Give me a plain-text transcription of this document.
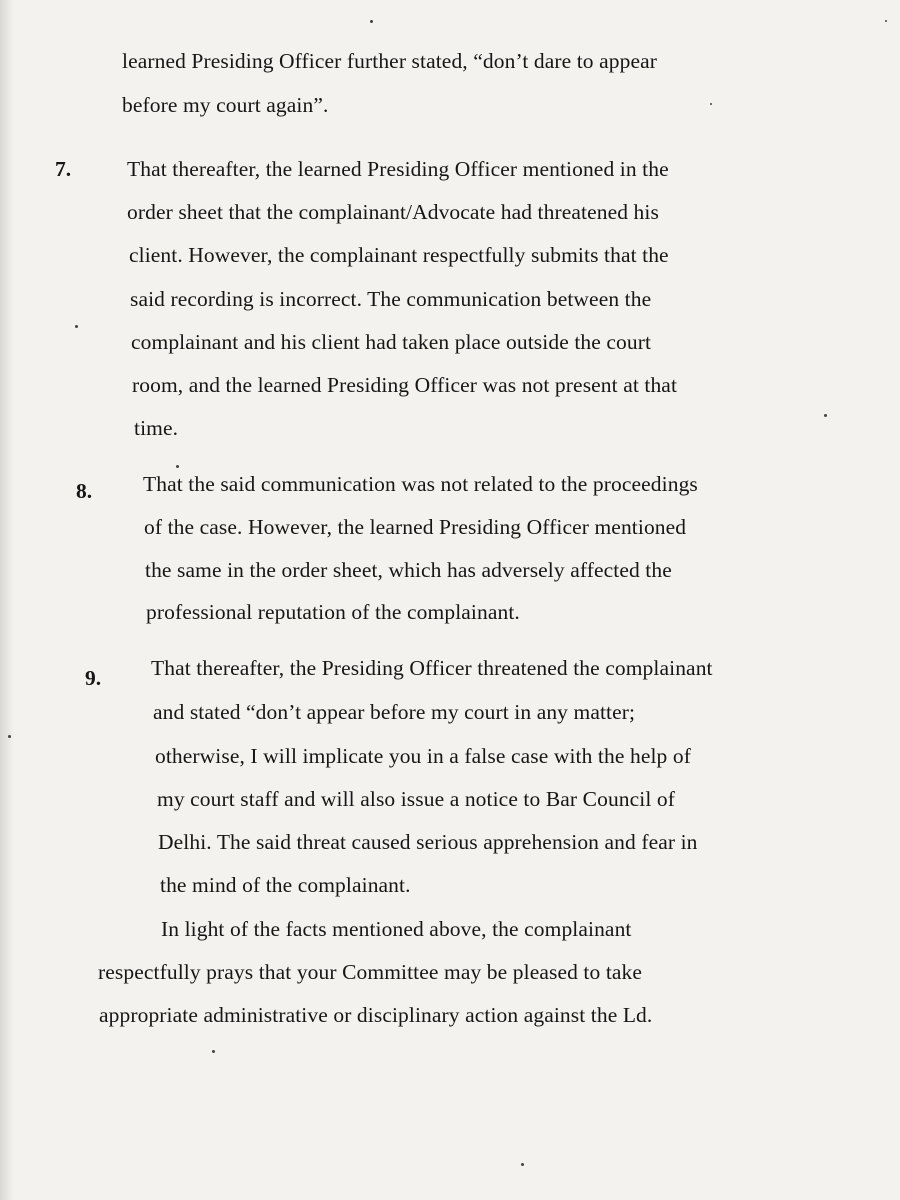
learned Presiding Officer further stated, “don’t dare to appear
before my court again”.
7.	That thereafter, the learned Presiding Officer mentioned in the
order sheet that the complainant/Advocate had threatened his
client. However, the complainant respectfully submits that the
said recording is incorrect. The communication between the
complainant and his client had taken place outside the court
room, and the learned Presiding Officer was not present at that
time.
8. That the said communication was not related to the proceedings
of the case. However, the learned Presiding Officer mentioned
the same in the order sheet, which has adversely affected the
professional reputation of the complainant.
9. That thereafter, the Presiding Officer threatened the complainant
and stated “don’t appear before my court in any matter;
otherwise, I will implicate you in a false case with the help of
my court staff and will also issue a notice to Bar Council of
Delhi. The said threat caused serious apprehension and fear in
the mind of the complainant.
In light of the facts mentioned above, the complainant
respectfully prays that your Committee may be pleased to take
appropriate administrative or disciplinary action against the Ld.
